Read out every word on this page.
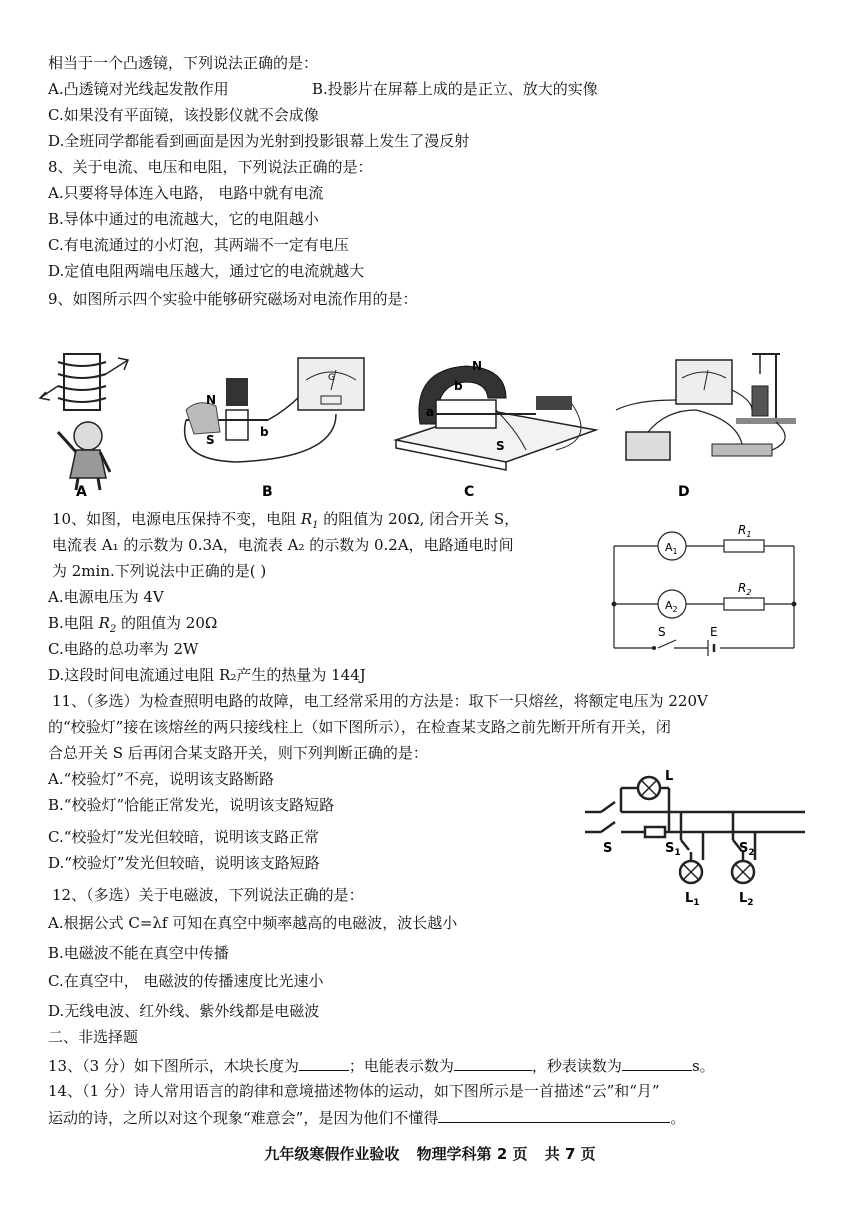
相当于一个凸透镜，下列说法正确的是：
A.凸透镜对光线起发散作用	B.投影片在屏幕上成的是正立、放大的实像
C.如果没有平面镜，该投影仪就不会成像
D.全班同学都能看到画面是因为光射到投影银幕上发生了漫反射
8、关于电流、电压和电阻，下列说法正确的是：
A.只要将导体连入电路， 电路中就有电流
B.导体中通过的电流越大，它的电阻越小
C.有电流通过的小灯泡，其两端不一定有电压
D.定值电阻两端电压越大，通过它的电流就越大
9、如图所示四个实验中能够研究磁场对电流作用的是：
N
S
b
G
N
S
a
b
A	B	C	D
10、如图，电源电压保持不变，电阻 $R_1$ 的阻值为 20Ω, 闭合开关 S，
电流表 A₁ 的示数为 0.3A，电流表 A₂ 的示数为 0.2A，电路通电时间
为 2min.下列说法中正确的是( )
A.电源电压为 4V
B.电阻 $R_2$ 的阻值为 20Ω
C.电路的总功率为 2W
D.这段时间电流通过电阻 R₂产生的热量为 144J
$A_1$
$A_2$
$R_1$
$R_2$
S	E
11、（多选）为检查照明电路的故障，电工经常采用的方法是：取下一只熔丝，将额定电压为 220V
的“校验灯”接在该熔丝的两只接线柱上（如下图所示），在检查某支路之前先断开所有开关，闭
合总开关 S 后再闭合某支路开关，则下列判断正确的是：
A.“校验灯”不亮，说明该支路断路
B.“校验灯”恰能正常发光，说明该支路短路
C.“校验灯”发光但较暗，说明该支路正常
D.“校验灯”发光但较暗，说明该支路短路
L
S	$S_1$	$S_2$
$L_1$	$L_2$
12、（多选）关于电磁波，下列说法正确的是：
A.根据公式 C=λf 可知在真空中频率越高的电磁波，波长越小
B.电磁波不能在真空中传播
C.在真空中， 电磁波的传播速度比光速小
D.无线电波、红外线、紫外线都是电磁波
二、非选择题
13、（3 分）如下图所示，木块长度为	；电能表示数为	，秒表读数为	s。
14、（1 分）诗人常用语言的韵律和意境描述物体的运动，如下图所示是一首描述“云”和“月”
运动的诗，之所以对这个现象“难意会”，是因为他们不懂得	。
九年级寒假作业验收 物理学科第 2 页 共 7 页
